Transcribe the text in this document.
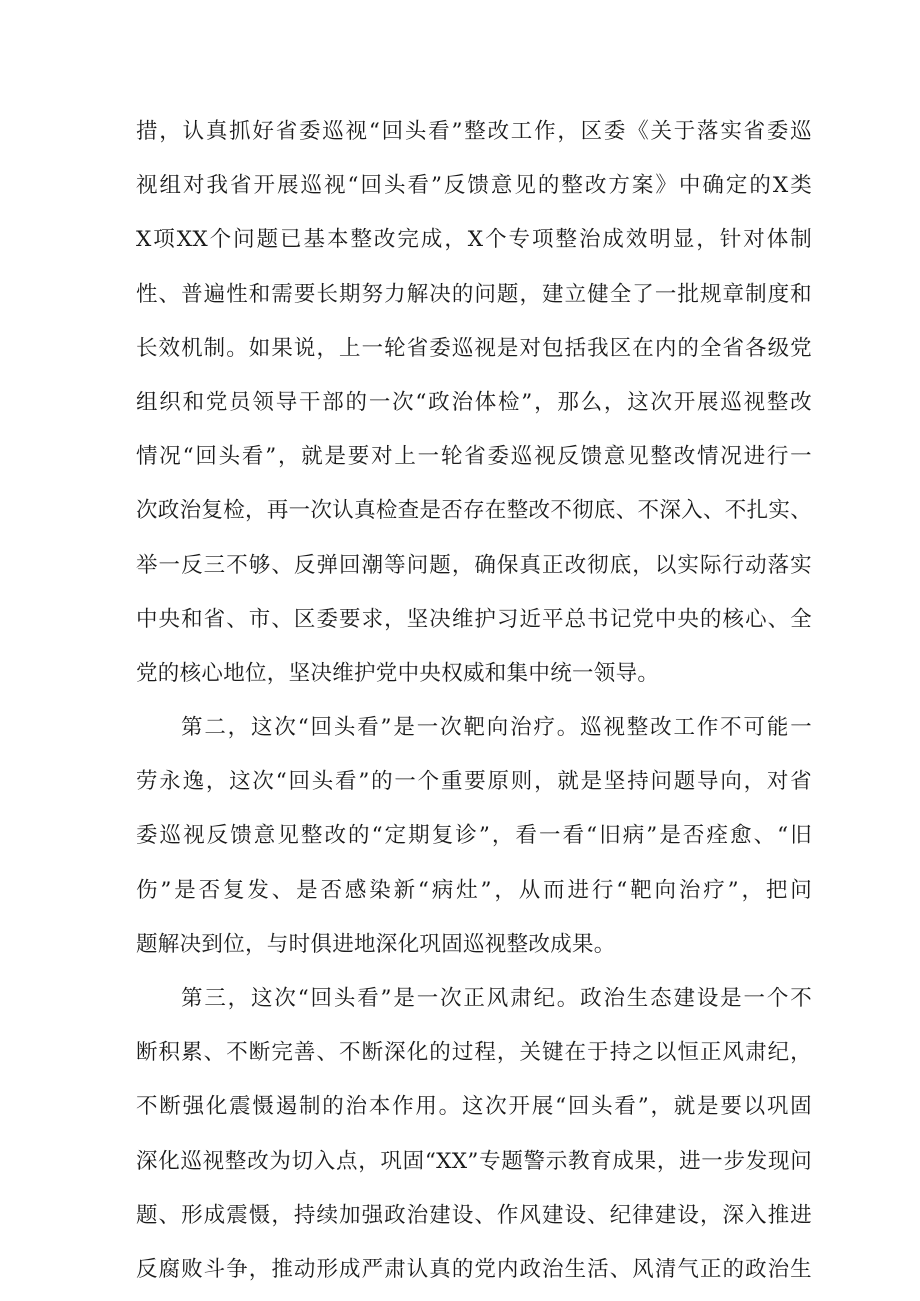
措，认真抓好省委巡视“回头看”整改工作，区委《关于落实省委巡
视组对我省开展巡视“回头看”反馈意见的整改方案》中确定的X类
X项XX个问题已基本整改完成，X个专项整治成效明显，针对体制
性、普遍性和需要长期努力解决的问题，建立健全了一批规章制度和
长效机制。如果说，上一轮省委巡视是对包括我区在内的全省各级党
组织和党员领导干部的一次“政治体检”，那么，这次开展巡视整改
情况“回头看”，就是要对上一轮省委巡视反馈意见整改情况进行一
次政治复检，再一次认真检查是否存在整改不彻底、不深入、不扎实、
举一反三不够、反弹回潮等问题，确保真正改彻底，以实际行动落实
中央和省、市、区委要求，坚决维护习近平总书记党中央的核心、全
党的核心地位，坚决维护党中央权威和集中统一领导。
第二，这次“回头看”是一次靶向治疗。巡视整改工作不可能一
劳永逸，这次“回头看”的一个重要原则，就是坚持问题导向，对省
委巡视反馈意见整改的“定期复诊”，看一看“旧病”是否痊愈、“旧
伤”是否复发、是否感染新“病灶”，从而进行“靶向治疗”，把问
题解决到位，与时俱进地深化巩固巡视整改成果。
第三，这次“回头看”是一次正风肃纪。政治生态建设是一个不
断积累、不断完善、不断深化的过程，关键在于持之以恒正风肃纪，
不断强化震慑遏制的治本作用。这次开展“回头看”，就是要以巩固
深化巡视整改为切入点，巩固“XX”专题警示教育成果，进一步发现问
题、形成震慑，持续加强政治建设、作风建设、纪律建设，深入推进
反腐败斗争，推动形成严肃认真的党内政治生活、风清气正的政治生
